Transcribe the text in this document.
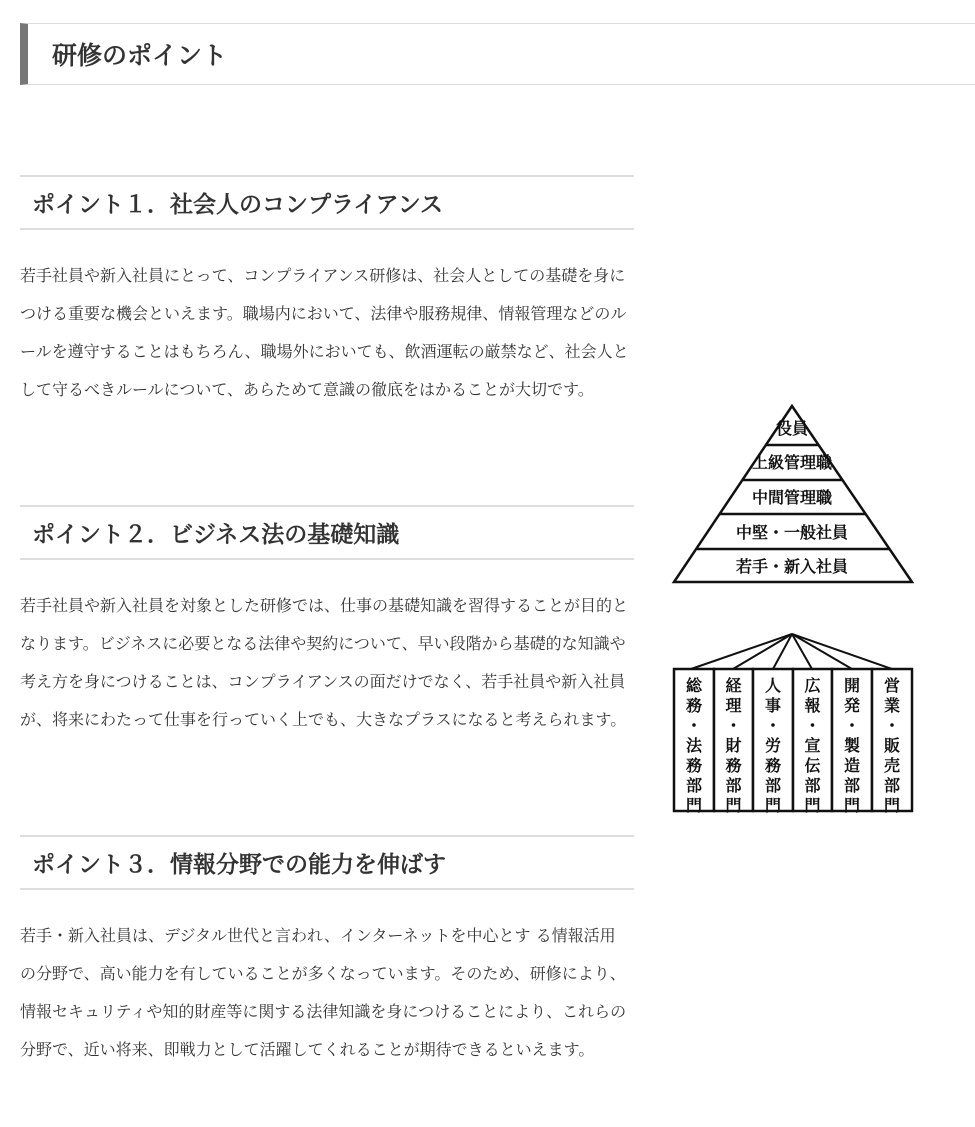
研修のポイント
ポイント１．社会人のコンプライアンス

若手社員や新入社員にとって、コンプライアンス研修は、社会人としての基礎を身につける重要な機会といえます。職場内において、法律や服務規律、情報管理などのルールを遵守することはもちろん、職場外においても、飲酒運転の厳禁など、社会人として守るべきルールについて、あらためて意識の徹底をはかることが大切です。

ポイント２．ビジネス法の基礎知識

若手社員や新入社員を対象とした研修では、仕事の基礎知識を習得することが目的となります。ビジネスに必要となる法律や契約について、早い段階から基礎的な知識や考え方を身につけることは、コンプライアンスの面だけでなく、若手社員や新入社員が、将来にわたって仕事を行っていく上でも、大きなプラスになると考えられます。

ポイント３．情報分野での能力を伸ばす

若手・新入社員は、デジタル世代と言われ、インターネットを中心とす る情報活用の分野で、高い能力を有していることが多くなっています。そのため、研修により、情報セキュリティや知的財産等に関する法律知識を身につけることにより、これらの分野で、近い将来、即戦力として活躍してくれることが期待できるといえます。

役員
上級管理職
中間管理職
中堅・一般社員
若手・新入社員
総務・法務部門
経理・財務部門
人事・労務部門
広報・宣伝部門
開発・製造部門
営業・販売部門
